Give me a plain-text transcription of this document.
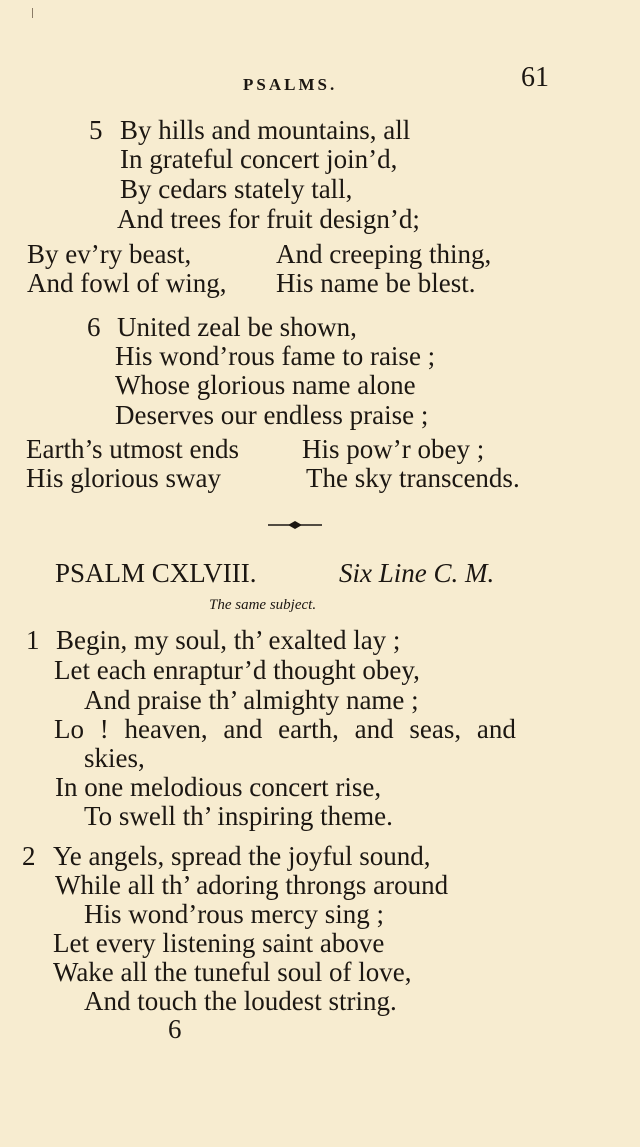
PSALMS.	61
5 By hills and mountains, all
In grateful concert join’d,
By cedars stately tall,
And trees for fruit design’d;
By ev’ry beast,	And creeping thing,
And fowl of wing, His name be blest.
6 United zeal be shown,
His wond’rous fame to raise ;
Whose glorious name alone
Deserves our endless praise ;
Earth’s utmost ends His pow’r obey ;
His glorious sway	The sky transcends.
PSALM CXLVIII.	Six Line C. M.
The same subject.
1 Begin, my soul, th’ exalted lay ;
Let each enraptur’d thought obey,
And praise th’ almighty name ;
Lo ! heaven, and earth, and seas, and
skies,
In one melodious concert rise,
To swell th’ inspiring theme.
2 Ye angels, spread the joyful sound,
While all th’ adoring throngs around
His wond’rous mercy sing ;
Let every listening saint above
Wake all the tuneful soul of love,
And touch the loudest string.
6
